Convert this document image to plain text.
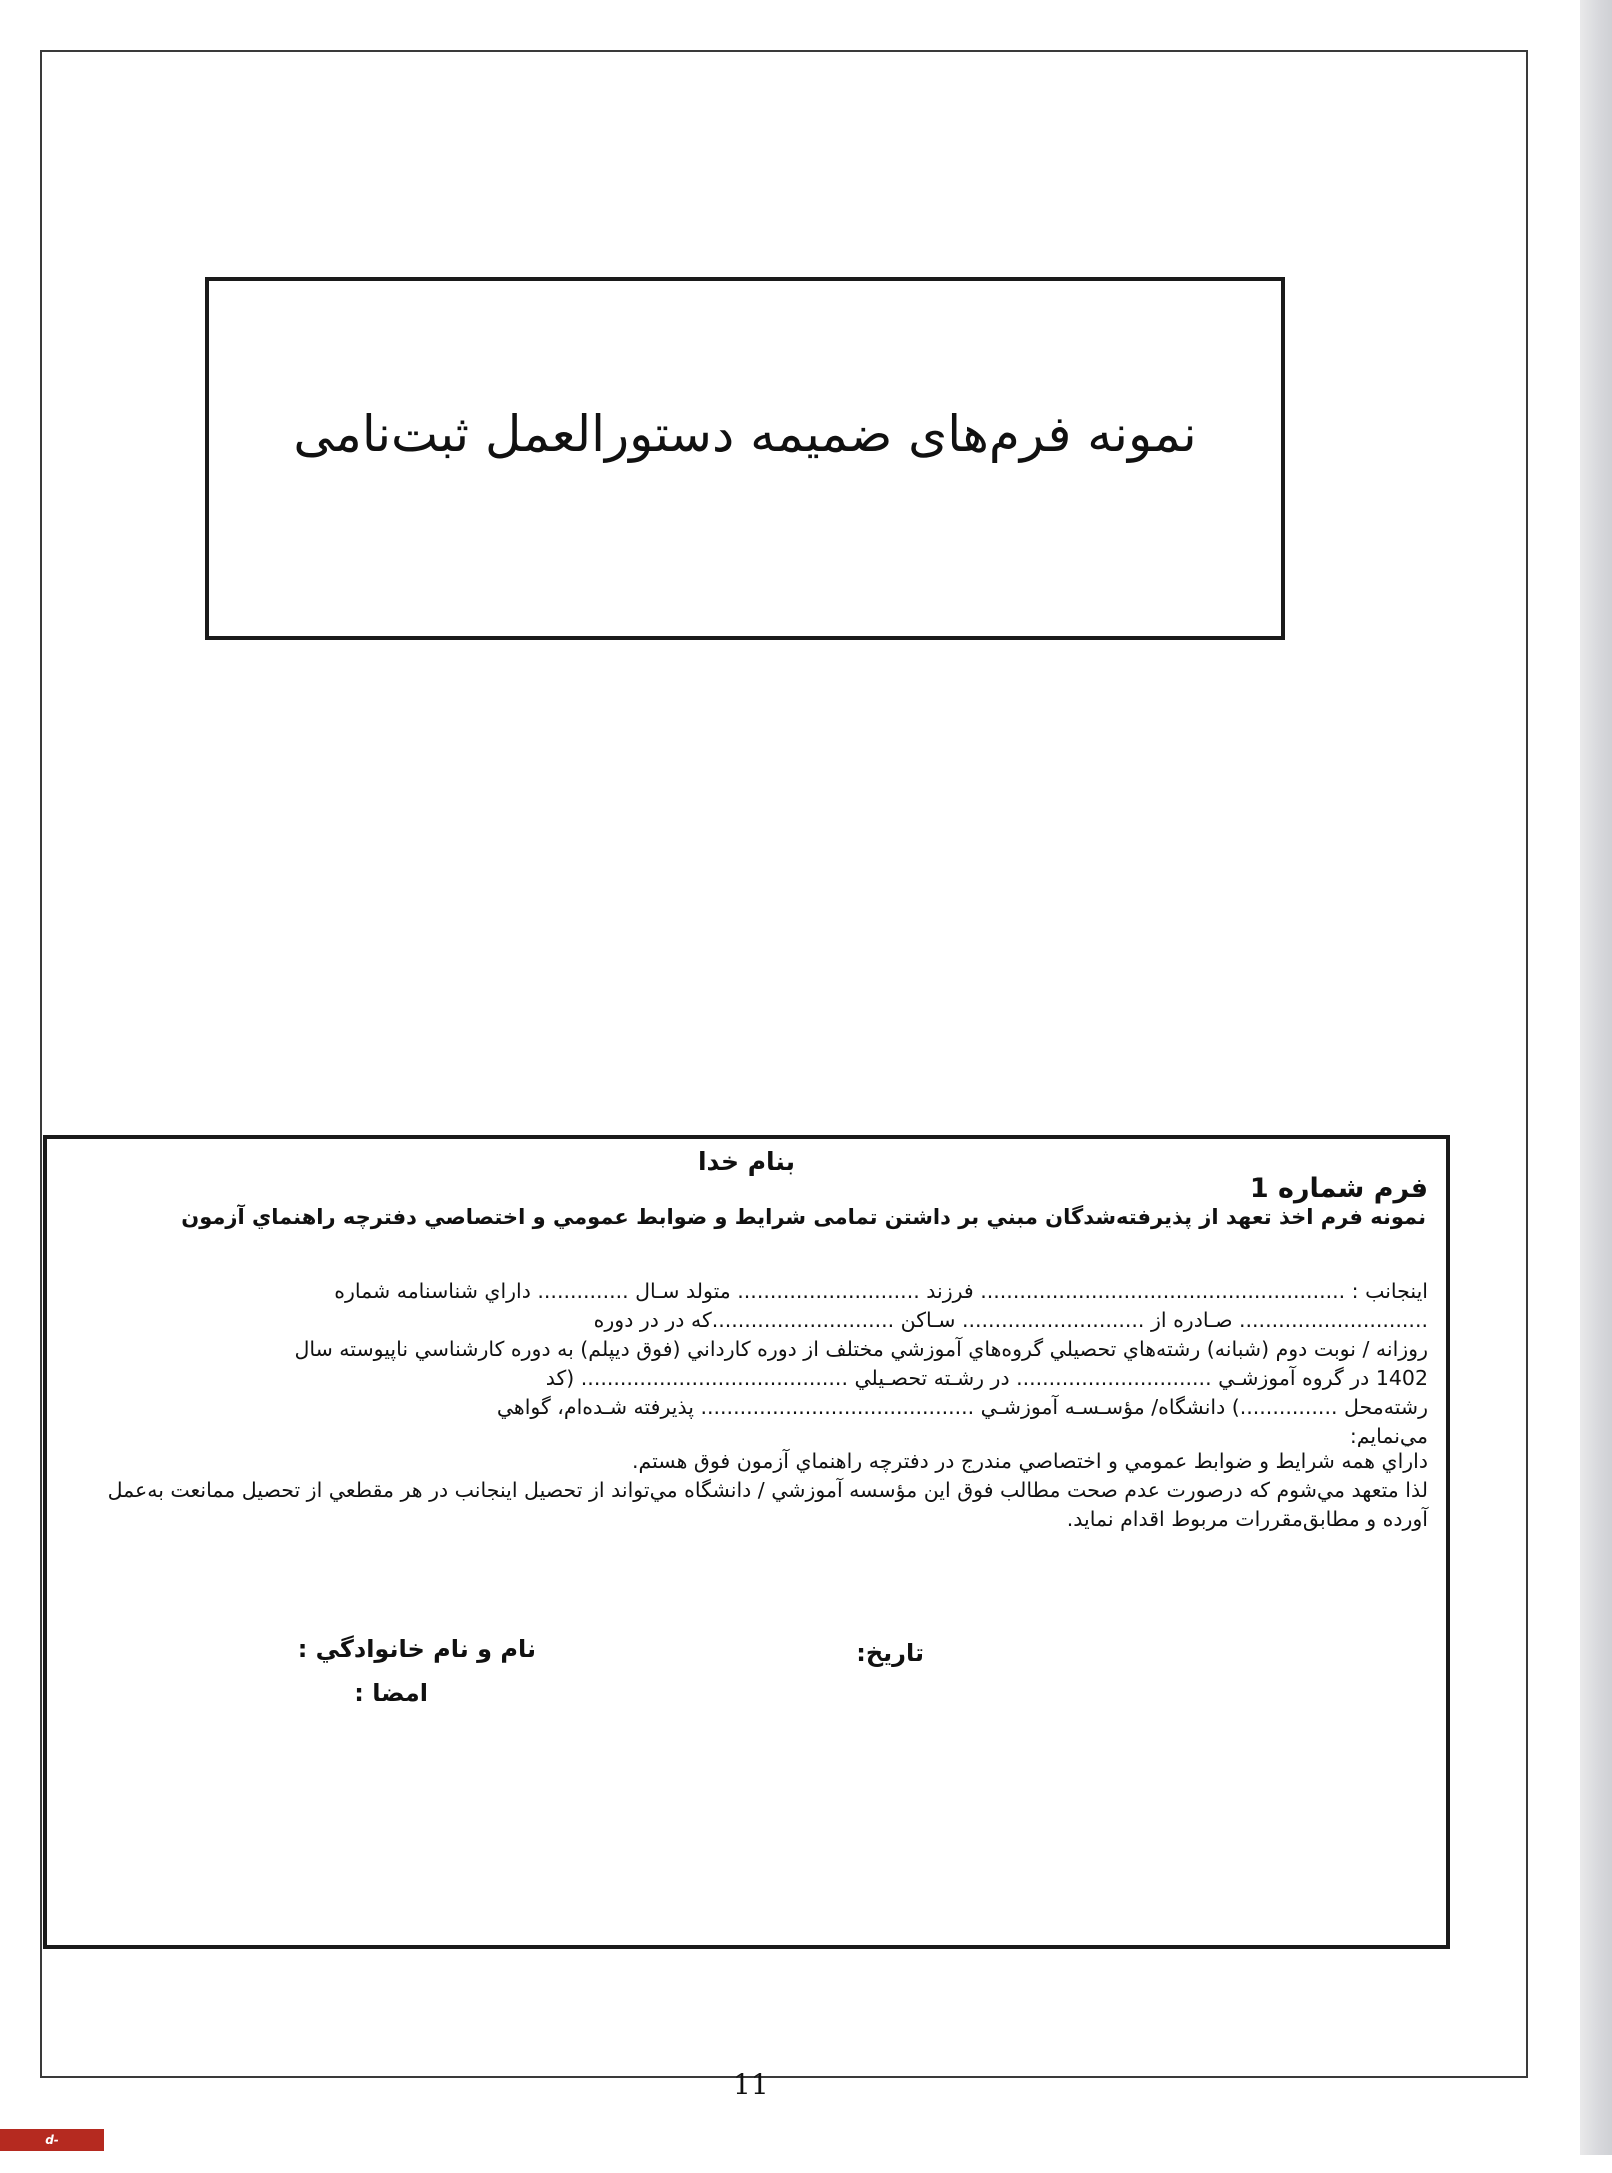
نمونه فرم‌های ضمیمه دستورالعمل ثبت‌نامی
بنام خدا
فرم شماره 1
نمونه فرم اخذ تعهد از پذيرفته‌شدگان مبني بر داشتن تمامی شرايط و ضوابط عمومي و اختصاصي دفترچه راهنماي آزمون
اينجانب : ........................................................ فرزند ............................ متولد سـال .............. داراي شناسنامه شماره
............................. صـادره از ............................ سـاكن ............................كه در در دوره
روزانه / نوبت دوم (شبانه) رشته‌هاي تحصيلي گروه‌هاي آموزشي مختلف از دوره كارداني (فوق ديپلم) به دوره كارشناسي ناپيوسته سال
1402 در گروه آموزشـي .............................. در رشـته تحصـيلي ......................................... (كد
رشته‌محل ...............) دانشگاه/ مؤسـسـه آموزشـي .......................................... پذيرفته شـده‌ام، گواهي
مي‌نمايم:
داراي همه شرايط و ضوابط عمومي و اختصاصي مندرج در دفترچه راهنماي آزمون فوق هستم.
لذا متعهد مي‌شوم كه درصورت عدم صحت مطالب فوق اين مؤسسه آموزشي / دانشگاه مي‌تواند از تحصيل اينجانب در هر مقطعي از تحصيل ممانعت به‌عمل آورده و مطابق‌مقررات مربوط اقدام نمايد.
تاريخ:
نام و نام خانوادگي :
امضا :
11
d-amol.tvu.ac.ir
